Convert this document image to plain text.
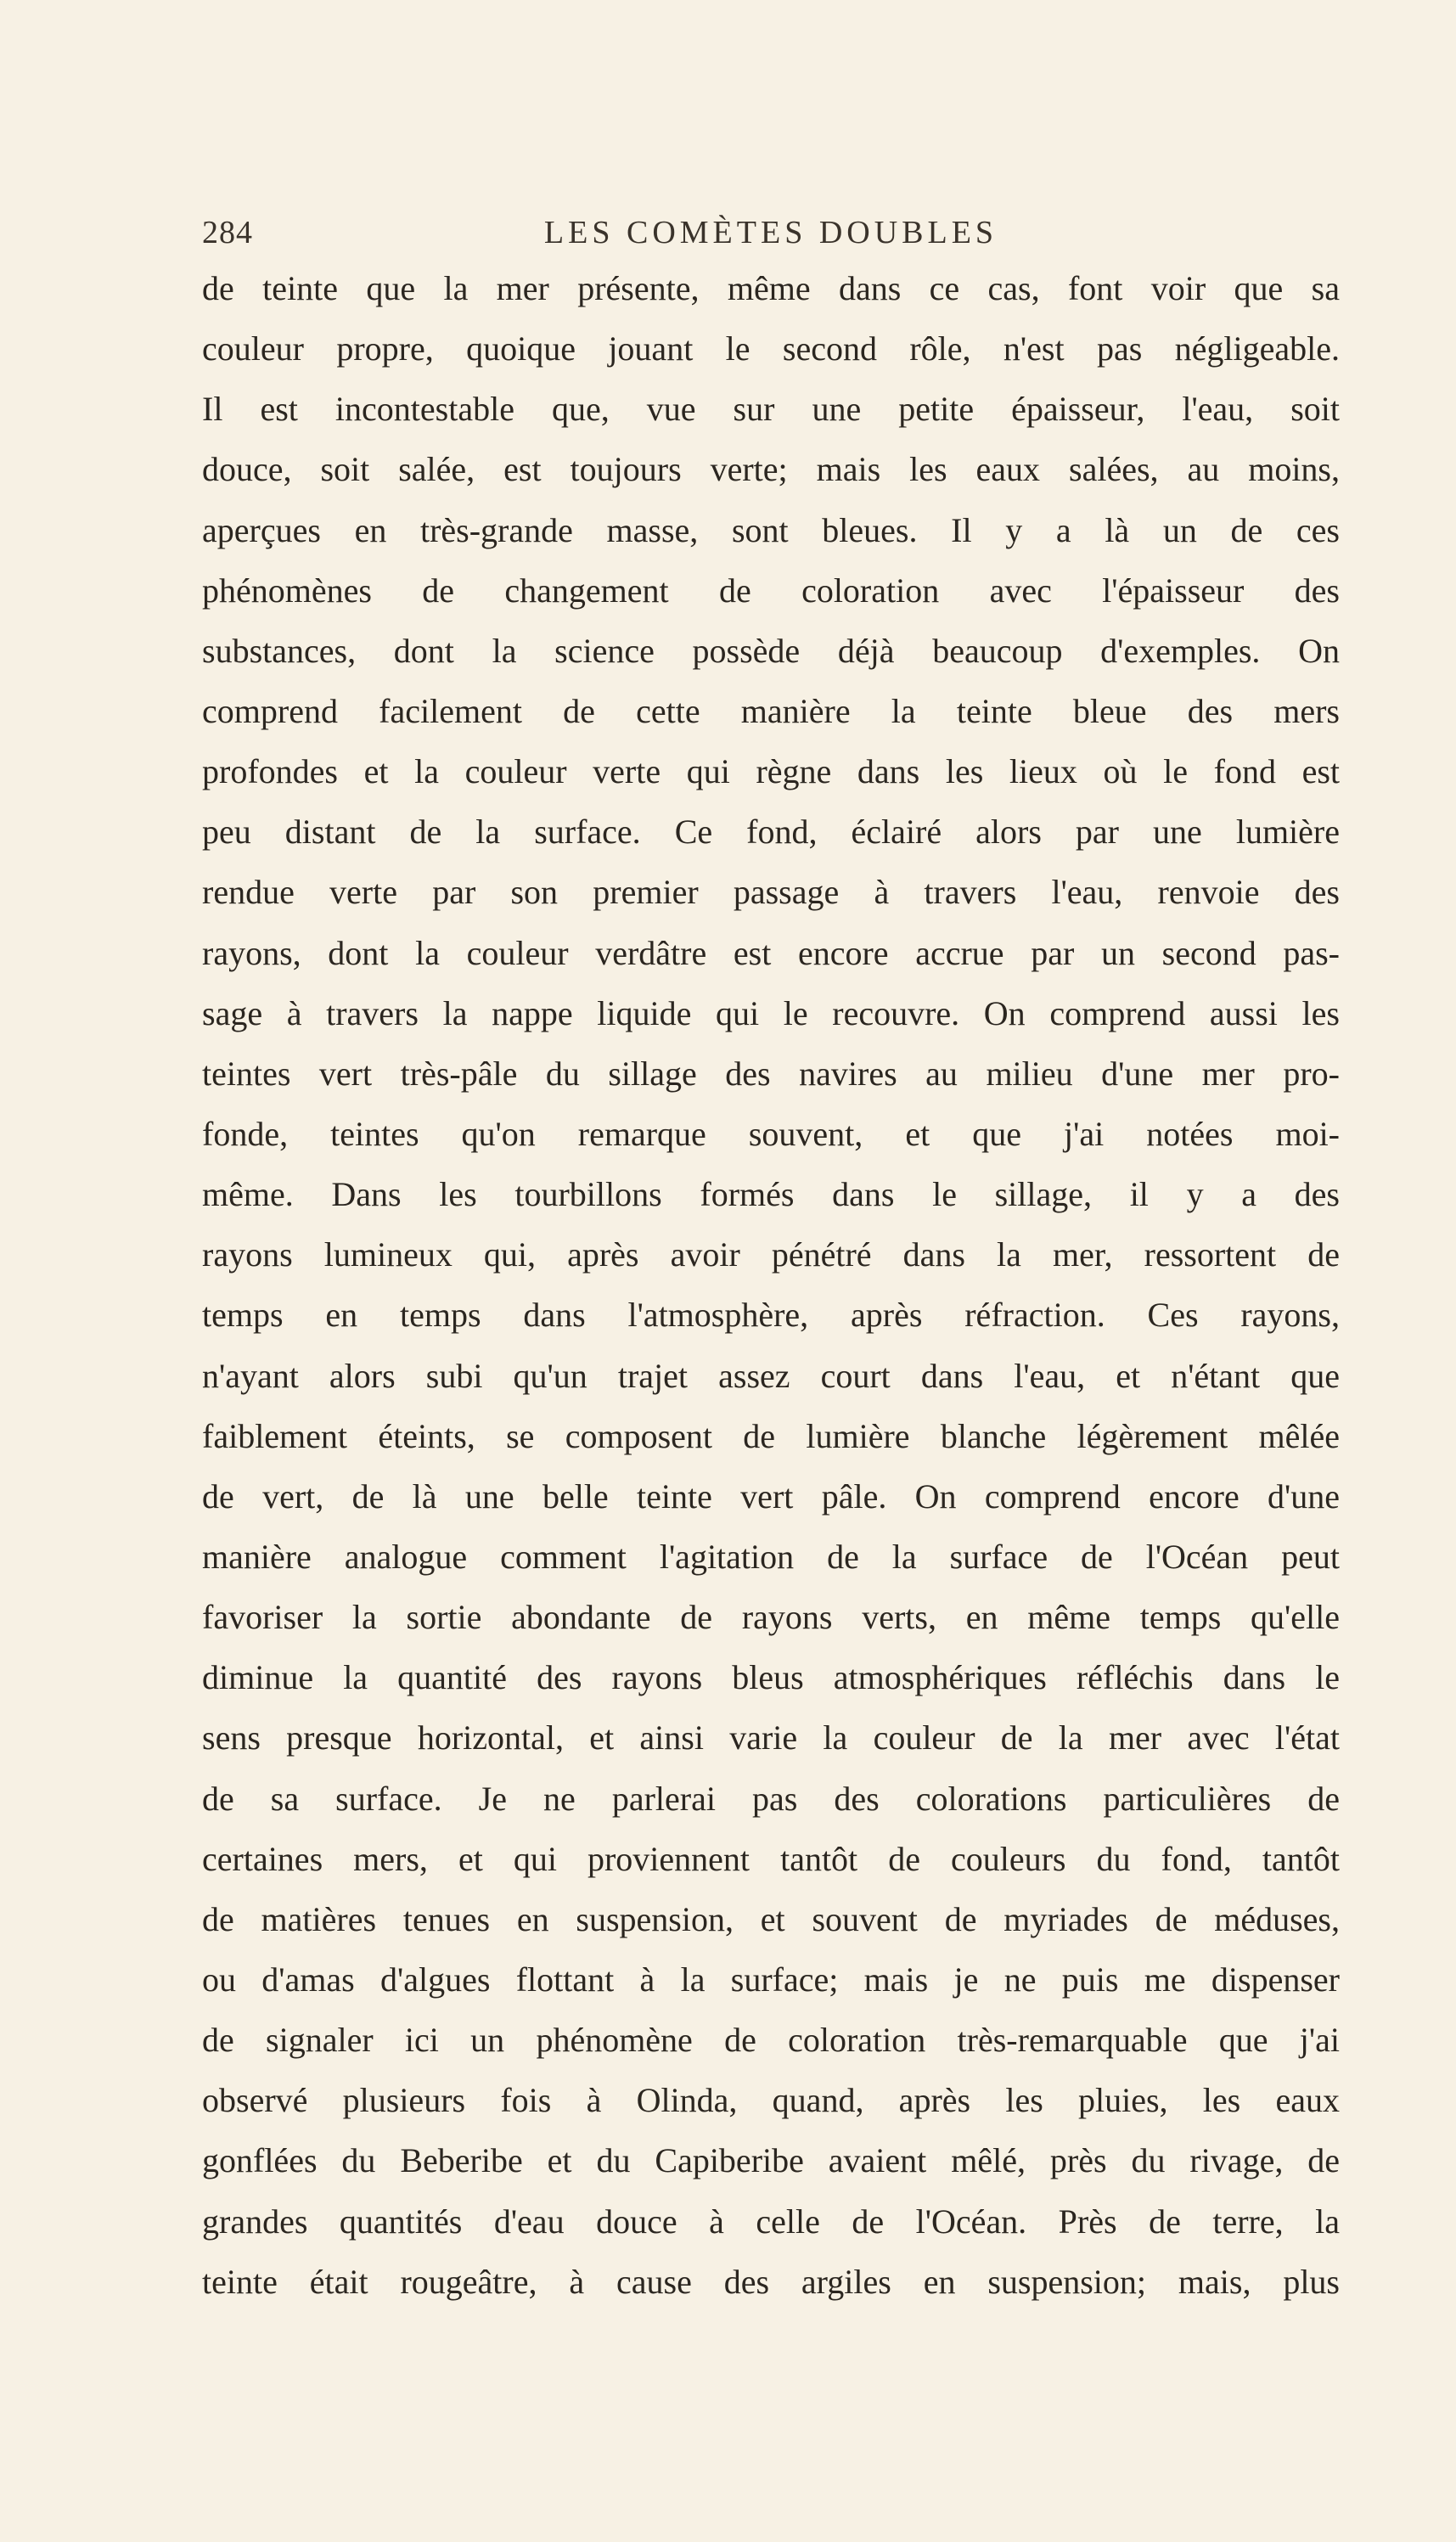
284	LES COMÈTES DOUBLES
de teinte que la mer présente, même dans ce cas, font voir que sa
couleur propre, quoique jouant le second rôle, n'est pas négligeable.
Il est incontestable que, vue sur une petite épaisseur, l'eau, soit
douce, soit salée, est toujours verte; mais les eaux salées, au moins,
aperçues en très-grande masse, sont bleues. Il y a là un de ces
phénomènes de changement de coloration avec l'épaisseur des
substances, dont la science possède déjà beaucoup d'exemples. On
comprend facilement de cette manière la teinte bleue des mers
profondes et la couleur verte qui règne dans les lieux où le fond est
peu distant de la surface. Ce fond, éclairé alors par une lumière
rendue verte par son premier passage à travers l'eau, renvoie des
rayons, dont la couleur verdâtre est encore accrue par un second pas-
sage à travers la nappe liquide qui le recouvre. On comprend aussi les
teintes vert très-pâle du sillage des navires au milieu d'une mer pro-
fonde, teintes qu'on remarque souvent, et que j'ai notées moi-
même. Dans les tourbillons formés dans le sillage, il y a des
rayons lumineux qui, après avoir pénétré dans la mer, ressortent de
temps en temps dans l'atmosphère, après réfraction. Ces rayons,
n'ayant alors subi qu'un trajet assez court dans l'eau, et n'étant que
faiblement éteints, se composent de lumière blanche légèrement mêlée
de vert, de là une belle teinte vert pâle. On comprend encore d'une
manière analogue comment l'agitation de la surface de l'Océan peut
favoriser la sortie abondante de rayons verts, en même temps qu'elle
diminue la quantité des rayons bleus atmosphériques réfléchis dans le
sens presque horizontal, et ainsi varie la couleur de la mer avec l'état
de sa surface. Je ne parlerai pas des colorations particulières de
certaines mers, et qui proviennent tantôt de couleurs du fond, tantôt
de matières tenues en suspension, et souvent de myriades de méduses,
ou d'amas d'algues flottant à la surface; mais je ne puis me dispenser
de signaler ici un phénomène de coloration très-remarquable que j'ai
observé plusieurs fois à Olinda, quand, après les pluies, les eaux
gonflées du Beberibe et du Capiberibe avaient mêlé, près du rivage, de
grandes quantités d'eau douce à celle de l'Océan. Près de terre, la
teinte était rougeâtre, à cause des argiles en suspension; mais, plus
